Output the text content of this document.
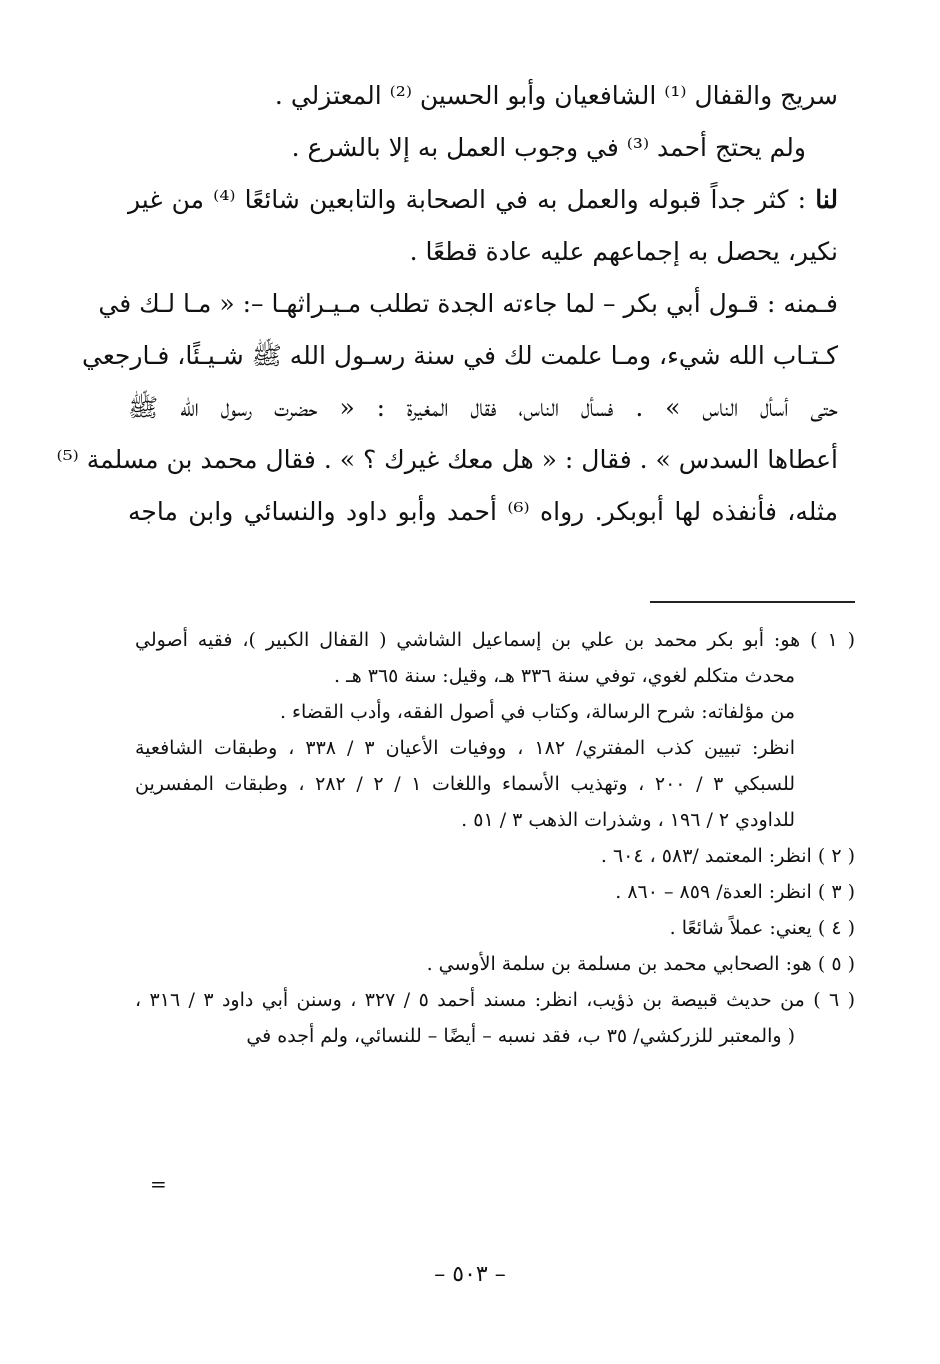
سريج والقفال ⁽¹⁾ الشافعيان وأبو الحسين ⁽²⁾ المعتزلي .
ولم يحتج أحمد ⁽³⁾ في وجوب العمل به إلا بالشرع .
لنا : كثر جداً قبوله والعمل به في الصحابة والتابعين شائعًا ⁽⁴⁾ من غير
نكير، يحصل به إجماعهم عليه عادة قطعًا .
فـمنه : قـول أبي بكر – لما جاءته الجدة تطلب مـيـراثهـا –: « مـا لـك في
كـتـاب الله شيء، ومـا علمت لك في سنة رسـول الله ﷺ شـيـئًا، فـارجعي
حتى أسأل الناس » . فسأل الناس، فقال المغيرة : « حضرت رسول الله ﷺ
أعطاها السدس » . فقال : « هل معك غيرك ؟ » . فقال محمد بن مسلمة ⁽⁵⁾
مثله، فأنفذه لها أبوبكر. رواه ⁽⁶⁾ أحمد وأبو داود والنسائي وابن ماجه
( ١ ) هو: أبو بكر محمد بن علي بن إسماعيل الشاشي ( القفال الكبير )، فقيه أصولي
محدث متكلم لغوي، توفي سنة ٣٣٦ هـ، وقيل: سنة ٣٦٥ هـ .
من مؤلفاته: شرح الرسالة، وكتاب في أصول الفقه، وأدب القضاء .
انظر: تبيين كذب المفتري/ ١٨٢ ، ووفيات الأعيان ٣ / ٣٣٨ ، وطبقات الشافعية
للسبكي ٣ / ٢٠٠ ، وتهذيب الأسماء واللغات ١ / ٢ / ٢٨٢ ، وطبقات المفسرين
للداودي ٢ / ١٩٦ ، وشذرات الذهب ٣ / ٥١ .
( ٢ ) انظر: المعتمد /٥٨٣ ، ٦٠٤ .
( ٣ ) انظر: العدة/ ٨٥٩ – ٨٦٠ .
( ٤ ) يعني: عملاً شائعًا .
( ٥ ) هو: الصحابي محمد بن مسلمة بن سلمة الأوسي .
( ٦ ) من حديث قبيصة بن ذؤيب، انظر: مسند أحمد ٥ / ٣٢٧ ، وسنن أبي داود ٣ / ٣١٦ ،
( والمعتبر للزركشي/ ٣٥ ب، فقد نسبه – أيضًا – للنسائي، ولم أجده في
=
– ٥٠٣ –
